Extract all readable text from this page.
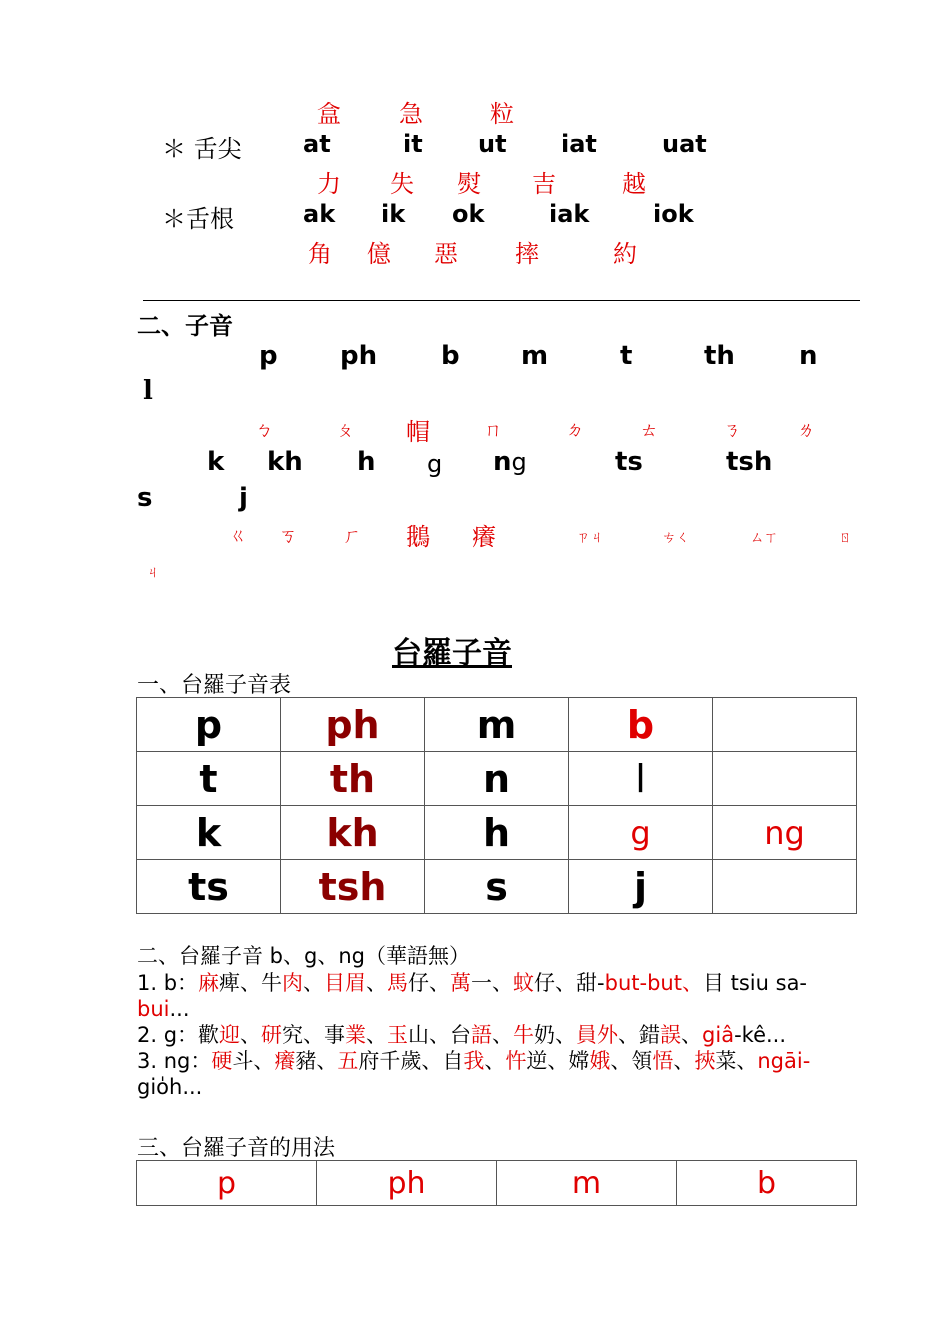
盒 急	粒
＊ 舌尖	at	it ut iat	uat
力 失 熨 吉	越
＊舌根	ak ik ok	iak	iok
角 億 惡 摔	約
二、子音
p ph b m	t	th n
l
ㄅ	ㄆ 帽	ㄇ	ㄉ	ㄊ	ㄋ	ㄌ
k kh h g ng	ts	tsh
s	j
ㄍ ㄎ	ㄏ 鵝 癢	ㄗㄐ	ㄘㄑ	ㄙㄒ	ㄖ
ㄐ
台羅子音
一、台羅子音表
p	ph	m	b	
t	th	n	l	
k	kh	h	g	ng
ts	tsh	s	j	
二、台羅子音 b、g、ng（華語無）
1. b：麻痺、牛肉、目眉、馬仔、萬一、蚊仔、甜-but-but、目 tsiu sa-
bui...
2. g：歡迎、研究、事業、玉山、台語、牛奶、員外、錯誤、giâ-kê...
3. ng：硬斗、癢豬、五府千歲、自我、忤逆、嫦娥、領悟、挾菜、ngāi-
gio̍h...
三、台羅子音的用法
p	ph	m	b
